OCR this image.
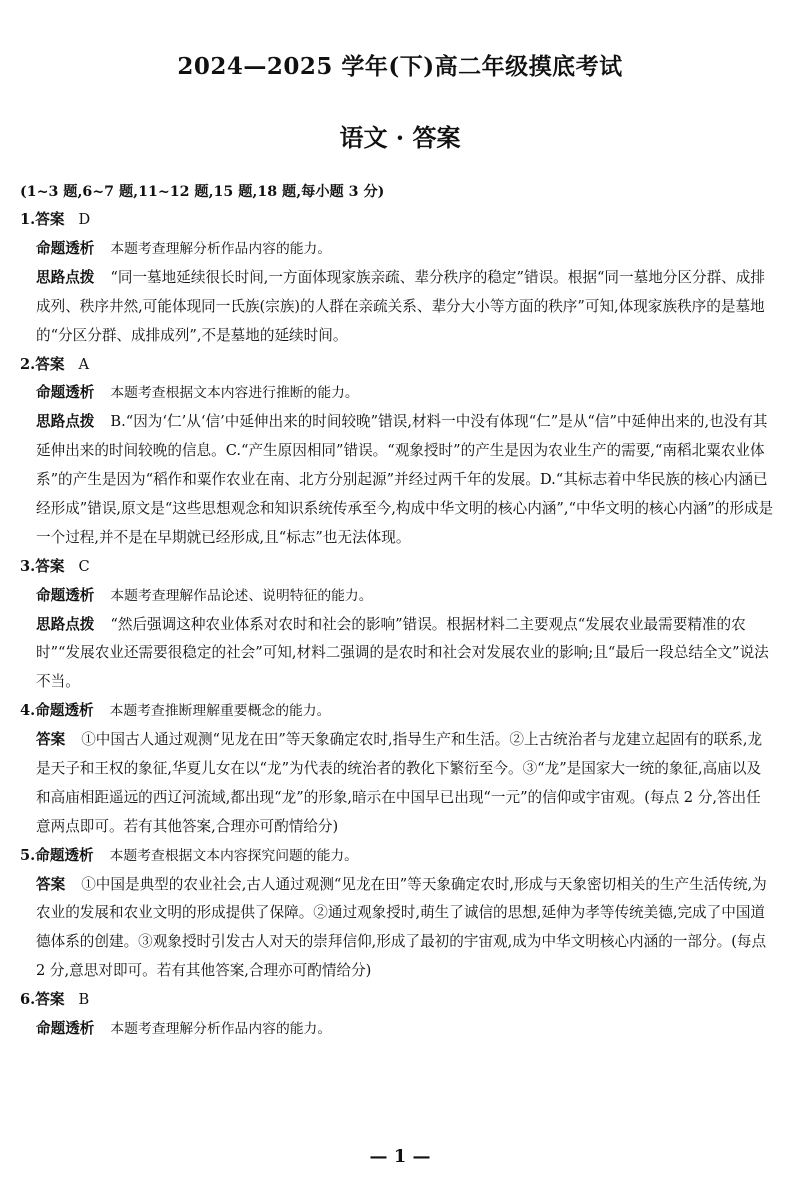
2024—2025 学年(下)高二年级摸底考试
语文 · 答案
(1~3 题,6~7 题,11~12 题,15 题,18 题,每小题 3 分)
1.答案 D
命题透析 本题考查理解分析作品内容的能力。
思路点拨 “同一墓地延续很长时间,一方面体现家族亲疏、辈分秩序的稳定”错误。根据“同一墓地分区分群、成排成列、秩序井然,可能体现同一氏族(宗族)的人群在亲疏关系、辈分大小等方面的秩序”可知,体现家族秩序的是墓地的“分区分群、成排成列”,不是墓地的延续时间。
2.答案 A
命题透析 本题考查根据文本内容进行推断的能力。
思路点拨 B.“因为‘仁’从‘信’中延伸出来的时间较晚”错误,材料一中没有体现“仁”是从“信”中延伸出来的,也没有其延伸出来的时间较晚的信息。C.“产生原因相同”错误。“观象授时”的产生是因为农业生产的需要,“南稻北粟农业体系”的产生是因为“稻作和粟作农业在南、北方分别起源”并经过两千年的发展。D.“其标志着中华民族的核心内涵已经形成”错误,原文是“这些思想观念和知识系统传承至今,构成中华文明的核心内涵”,“中华文明的核心内涵”的形成是一个过程,并不是在早期就已经形成,且“标志”也无法体现。
3.答案 C
命题透析 本题考查理解作品论述、说明特征的能力。
思路点拨 “然后强调这种农业体系对农时和社会的影响”错误。根据材料二主要观点“发展农业最需要精准的农时”“发展农业还需要很稳定的社会”可知,材料二强调的是农时和社会对发展农业的影响;且“最后一段总结全文”说法不当。
4.命题透析 本题考查推断理解重要概念的能力。
答案 ①中国古人通过观测“见龙在田”等天象确定农时,指导生产和生活。②上古统治者与龙建立起固有的联系,龙是天子和王权的象征,华夏儿女在以“龙”为代表的统治者的教化下繁衍至今。③“龙”是国家大一统的象征,高庙以及和高庙相距遥远的西辽河流域,都出现“龙”的形象,暗示在中国早已出现“一元”的信仰或宇宙观。(每点 2 分,答出任意两点即可。若有其他答案,合理亦可酌情给分)
5.命题透析 本题考查根据文本内容探究问题的能力。
答案 ①中国是典型的农业社会,古人通过观测“见龙在田”等天象确定农时,形成与天象密切相关的生产生活传统,为农业的发展和农业文明的形成提供了保障。②通过观象授时,萌生了诚信的思想,延伸为孝等传统美德,完成了中国道德体系的创建。③观象授时引发古人对天的崇拜信仰,形成了最初的宇宙观,成为中华文明核心内涵的一部分。(每点 2 分,意思对即可。若有其他答案,合理亦可酌情给分)
6.答案 B
命题透析 本题考查理解分析作品内容的能力。
— 1 —
